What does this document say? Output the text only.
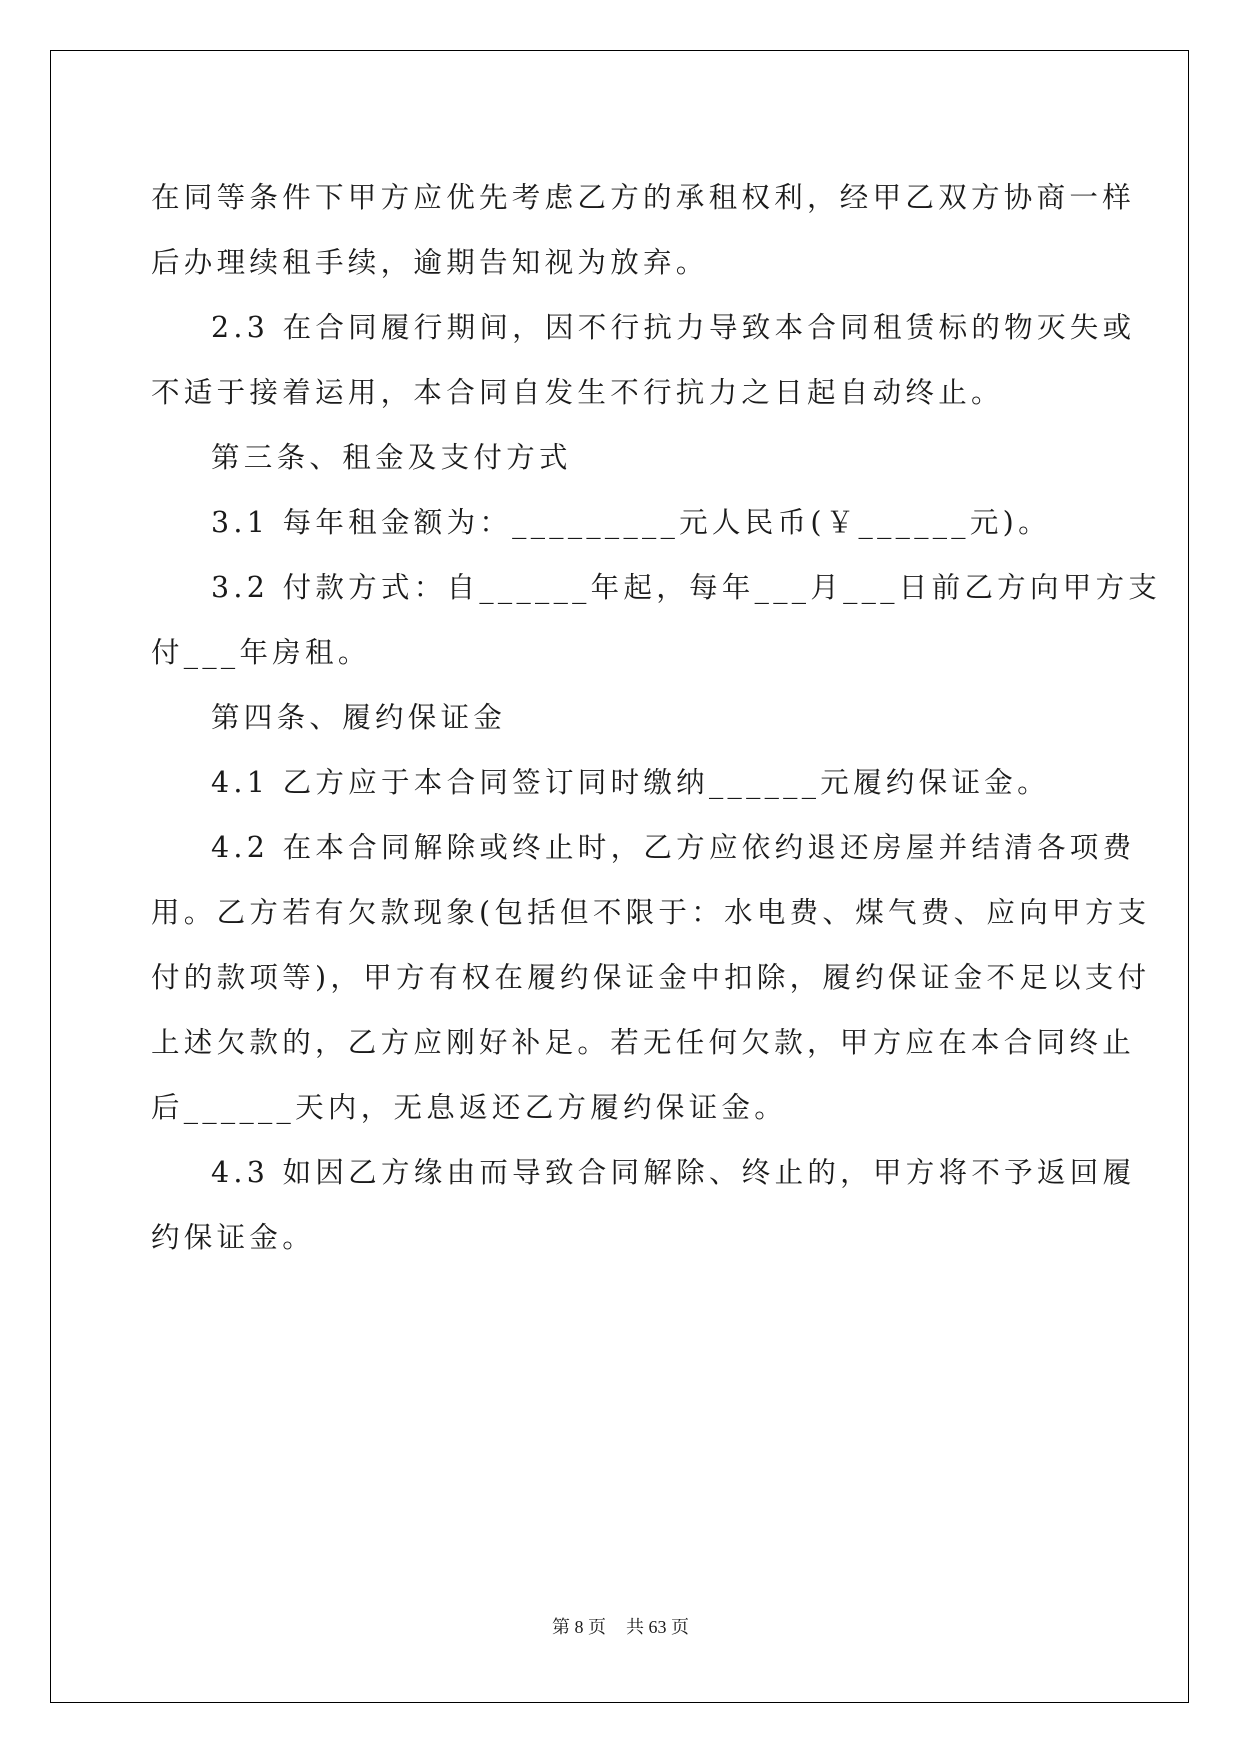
在同等条件下甲方应优先考虑乙方的承租权利，经甲乙双方协商一样
后办理续租手续，逾期告知视为放弃。
2.3 在合同履行期间，因不行抗力导致本合同租赁标的物灭失或
不适于接着运用，本合同自发生不行抗力之日起自动终止。
第三条、租金及支付方式
3.1 每年租金额为：_________元人民币(￥______元)。
3.2 付款方式：自______年起，每年___月___日前乙方向甲方支
付___年房租。
第四条、履约保证金
4.1 乙方应于本合同签订同时缴纳______元履约保证金。
4.2 在本合同解除或终止时，乙方应依约退还房屋并结清各项费
用。乙方若有欠款现象(包括但不限于：水电费、煤气费、应向甲方支
付的款项等)，甲方有权在履约保证金中扣除，履约保证金不足以支付
上述欠款的，乙方应刚好补足。若无任何欠款，甲方应在本合同终止
后______天内，无息返还乙方履约保证金。
4.3 如因乙方缘由而导致合同解除、终止的，甲方将不予返回履
约保证金。
第 8 页 共 63 页
